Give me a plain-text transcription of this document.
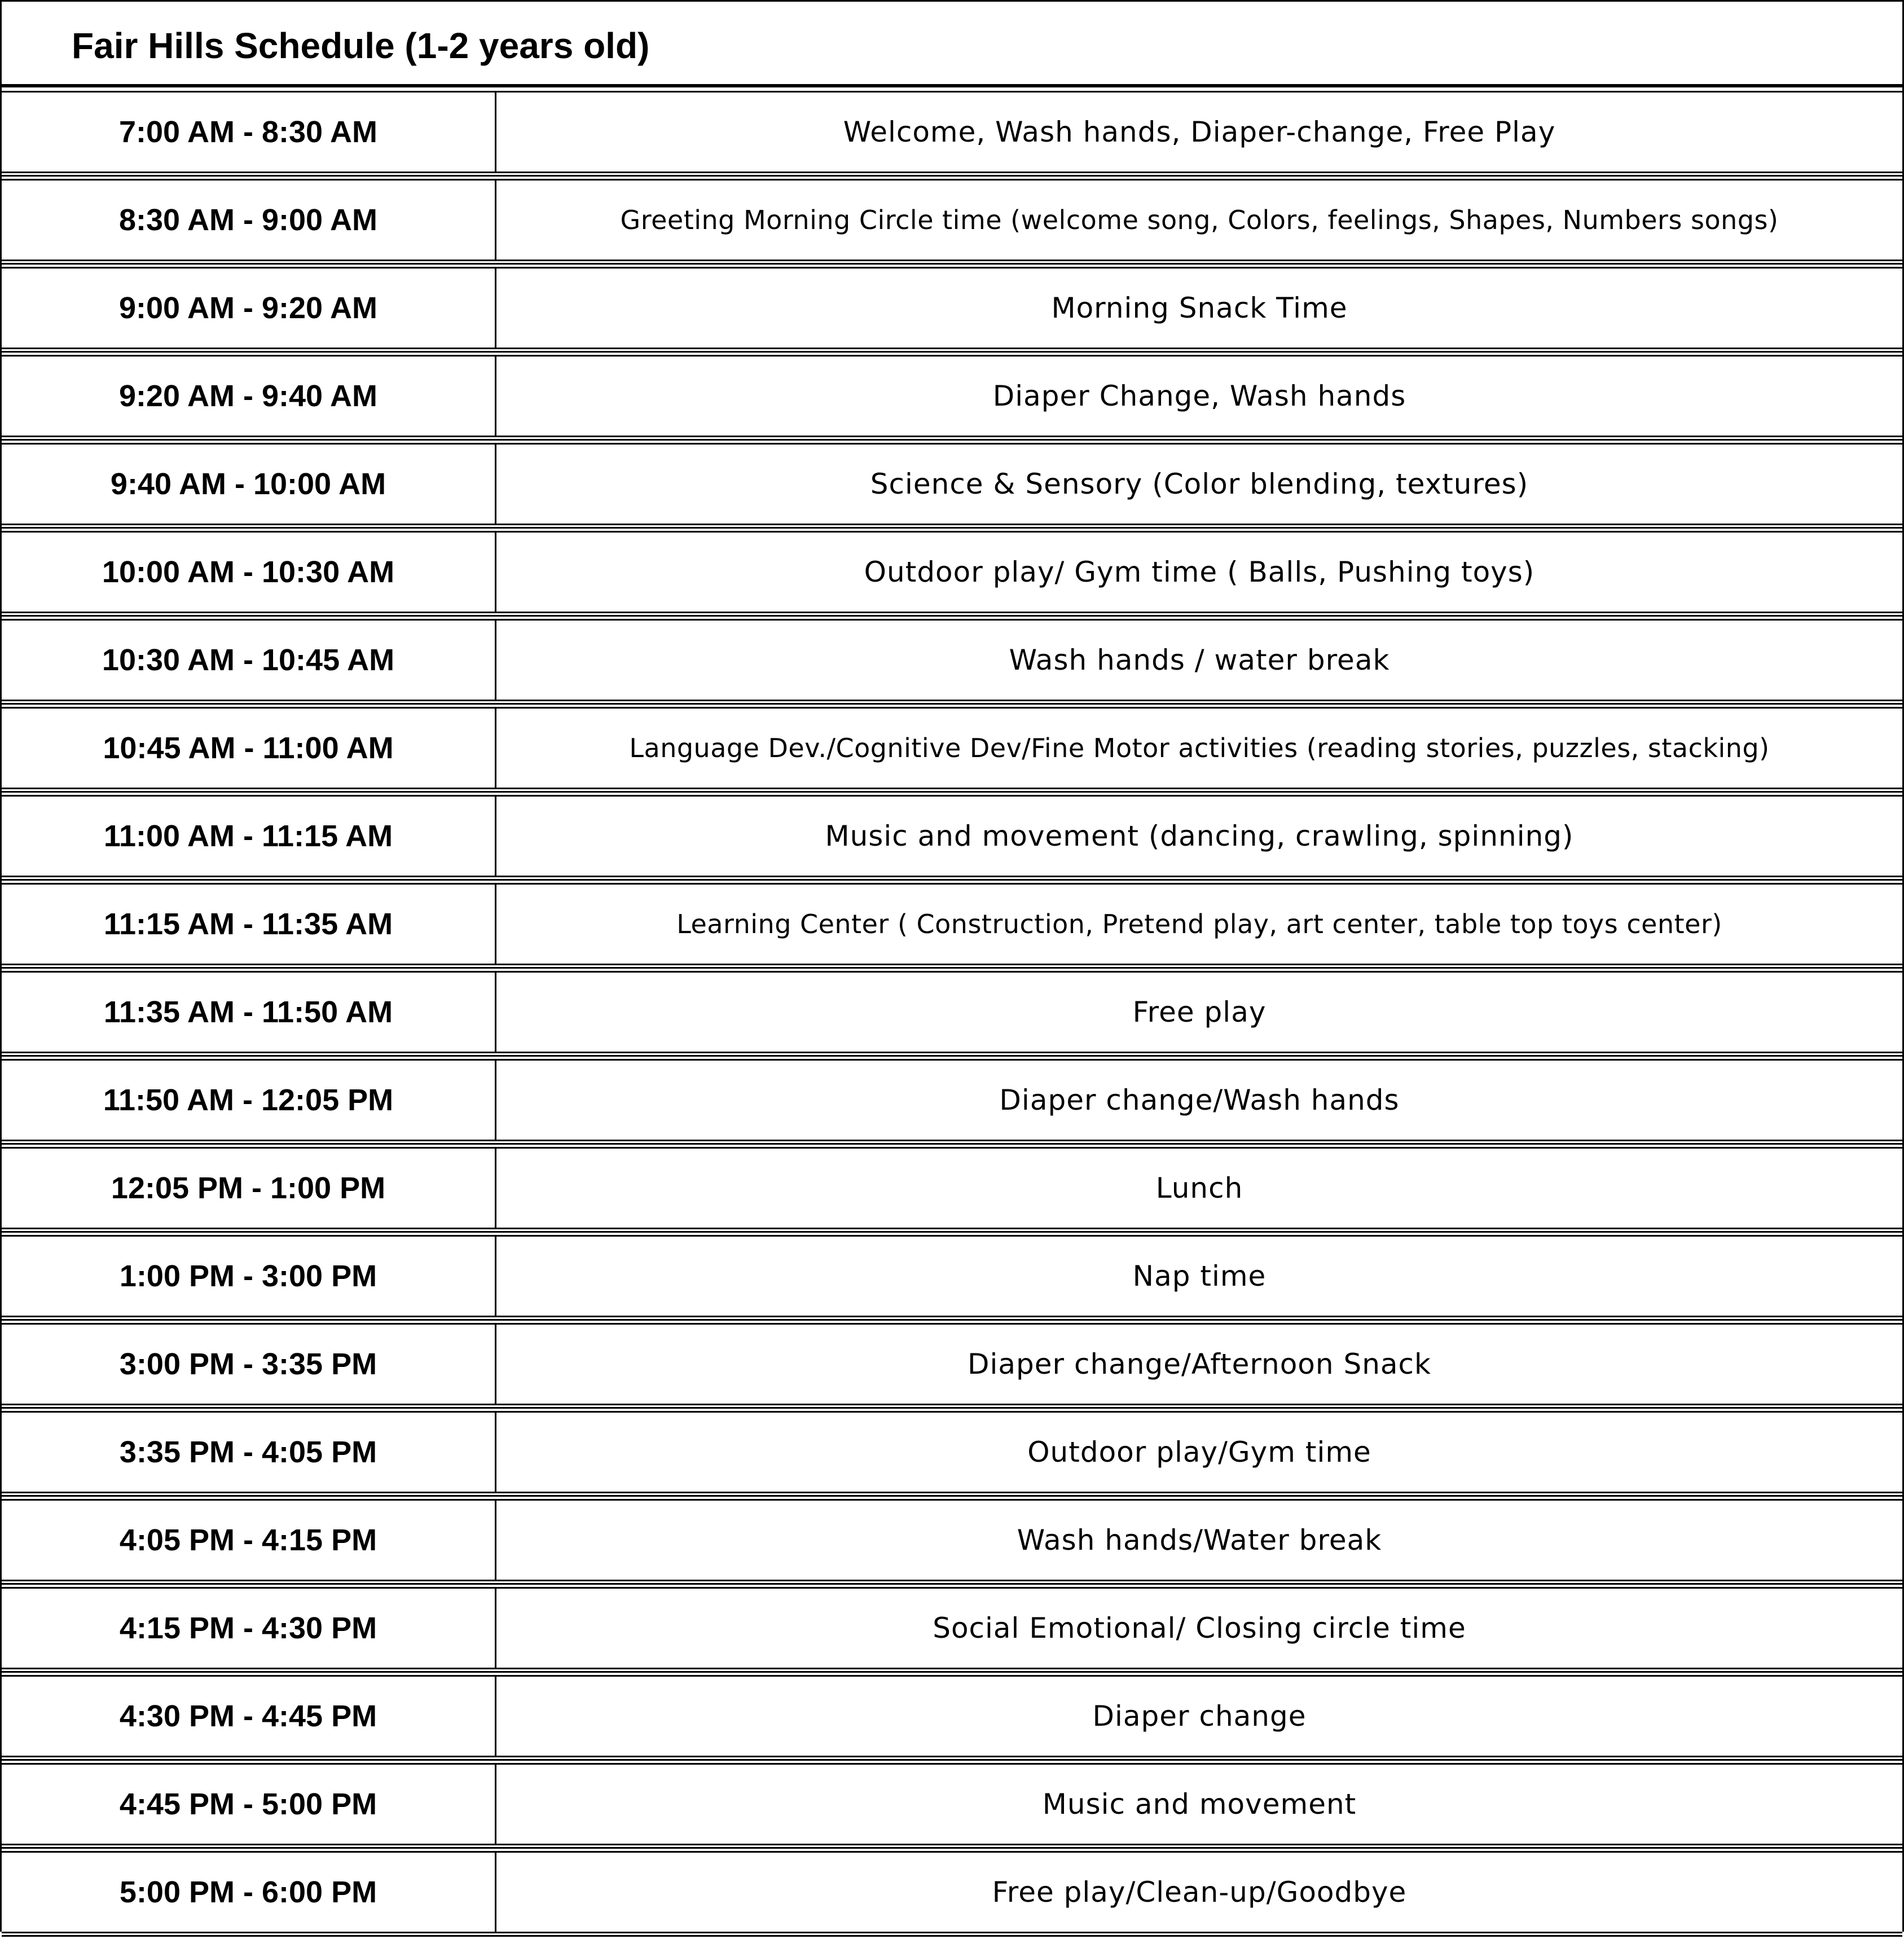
Fair Hills Schedule (1-2 years old)
7:00 AM - 8:30 AM	Welcome, Wash hands, Diaper-change, Free Play
8:30 AM - 9:00 AM	Greeting Morning Circle time (welcome song, Colors, feelings, Shapes, Numbers songs)
9:00 AM - 9:20 AM	Morning Snack Time
9:20 AM - 9:40 AM	Diaper Change, Wash hands
9:40 AM - 10:00 AM	Science & Sensory (Color blending, textures)
10:00 AM - 10:30 AM	Outdoor play/ Gym time ( Balls, Pushing toys)
10:30 AM - 10:45 AM	Wash hands / water break
10:45 AM - 11:00 AM	Language Dev./Cognitive Dev/Fine Motor activities (reading stories, puzzles, stacking)
11:00 AM - 11:15 AM	Music and movement (dancing, crawling, spinning)
11:15 AM - 11:35 AM	Learning Center ( Construction, Pretend play, art center, table top toys center)
11:35 AM - 11:50 AM	Free play
11:50 AM - 12:05 PM	Diaper change/Wash hands
12:05 PM - 1:00 PM	Lunch
1:00 PM - 3:00 PM	Nap time
3:00 PM - 3:35 PM	Diaper change/Afternoon Snack
3:35 PM - 4:05 PM	Outdoor play/Gym time
4:05 PM - 4:15 PM	Wash hands/Water break
4:15 PM - 4:30 PM	Social Emotional/ Closing circle time
4:30 PM - 4:45 PM	Diaper change
4:45 PM - 5:00 PM	Music and movement
5:00 PM - 6:00 PM	Free play/Clean-up/Goodbye
